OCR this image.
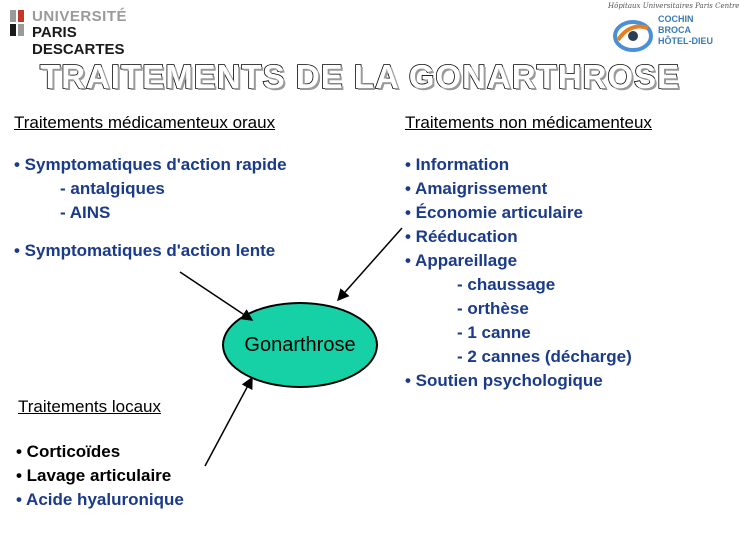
UNIVERSITÉ
PARIS DESCARTES
Hôpitaux Universitaires Paris Centre
COCHIN
BROCA
HÔTEL-DIEU
TRAITEMENTS DE LA GONARTHROSE
Traitements médicamenteux oraux
• Symptomatiques d'action rapide
- antalgiques
- AINS
• Symptomatiques d'action lente
Traitements non médicamenteux
• Information
• Amaigrissement
• Économie articulaire
• Rééducation
• Appareillage
- chaussage
- orthèse
- 1 canne
- 2 cannes (décharge)
• Soutien psychologique
Gonarthrose
Traitements locaux
• Corticoïdes
• Lavage articulaire
• Acide hyaluronique
